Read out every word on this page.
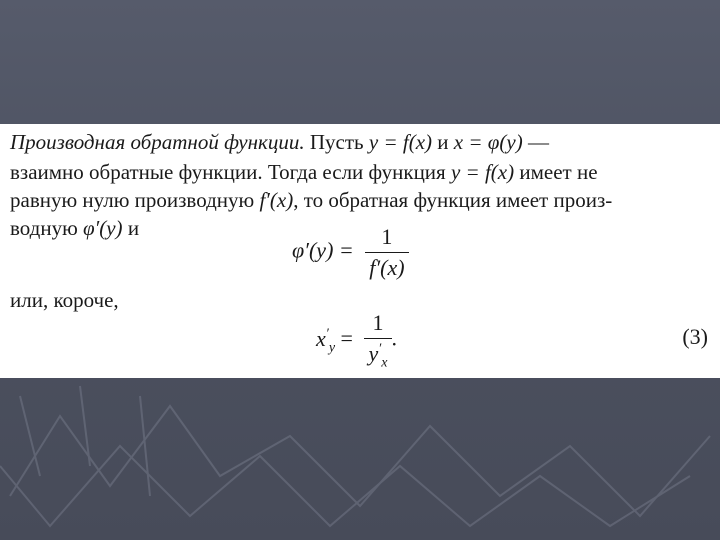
Производная обратной функции. Пусть y = f(x) и x = φ(y) —
взаимно обратные функции. Тогда если функция y = f(x) имеет не
равную нулю производную f′(x), то обратная функция имеет произ-
водную φ′(y) и
$\varphi'(y) = \frac{1}{f'(x)}$
или, короче,
$x'_y = \frac{1}{y'_x}$ .	(3)
